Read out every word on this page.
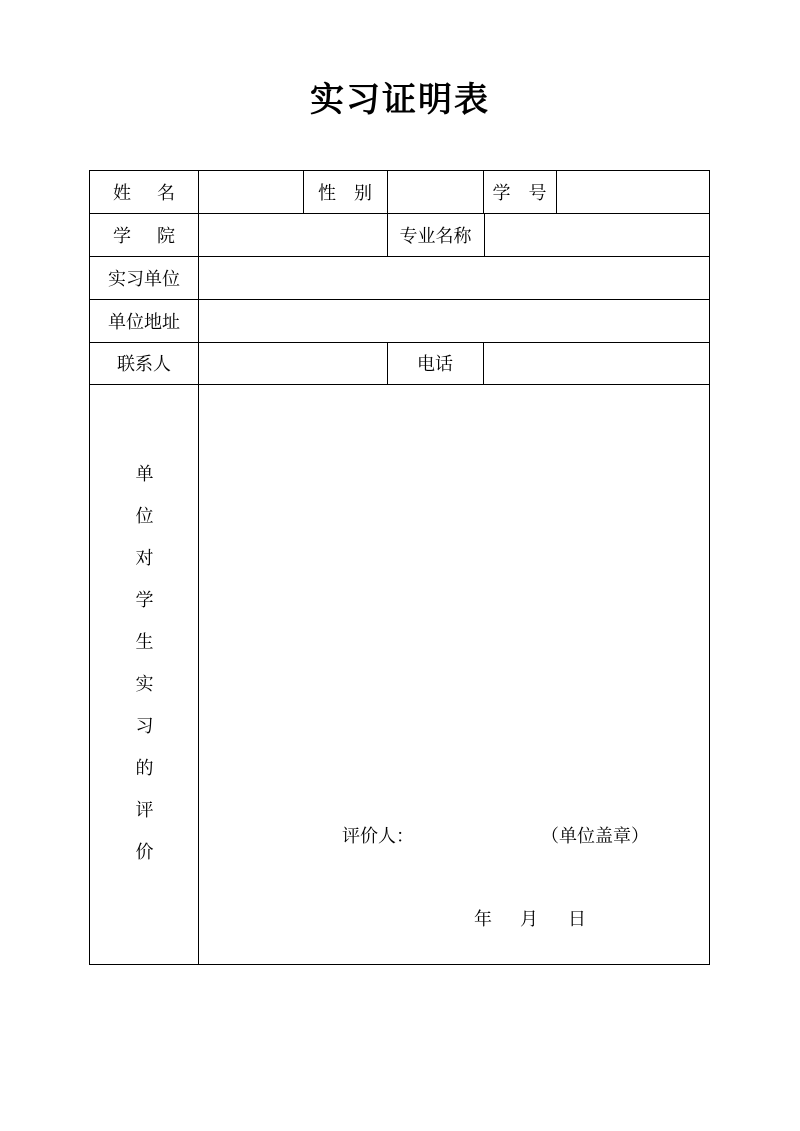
实习证明表
姓 名	性 别	学 号
学 院	专业名称
实习单位
单位地址
联系人	电话
单
位
对
学
生
实
习
的
评
价
评价人：	（单位盖章）
年 月 日
